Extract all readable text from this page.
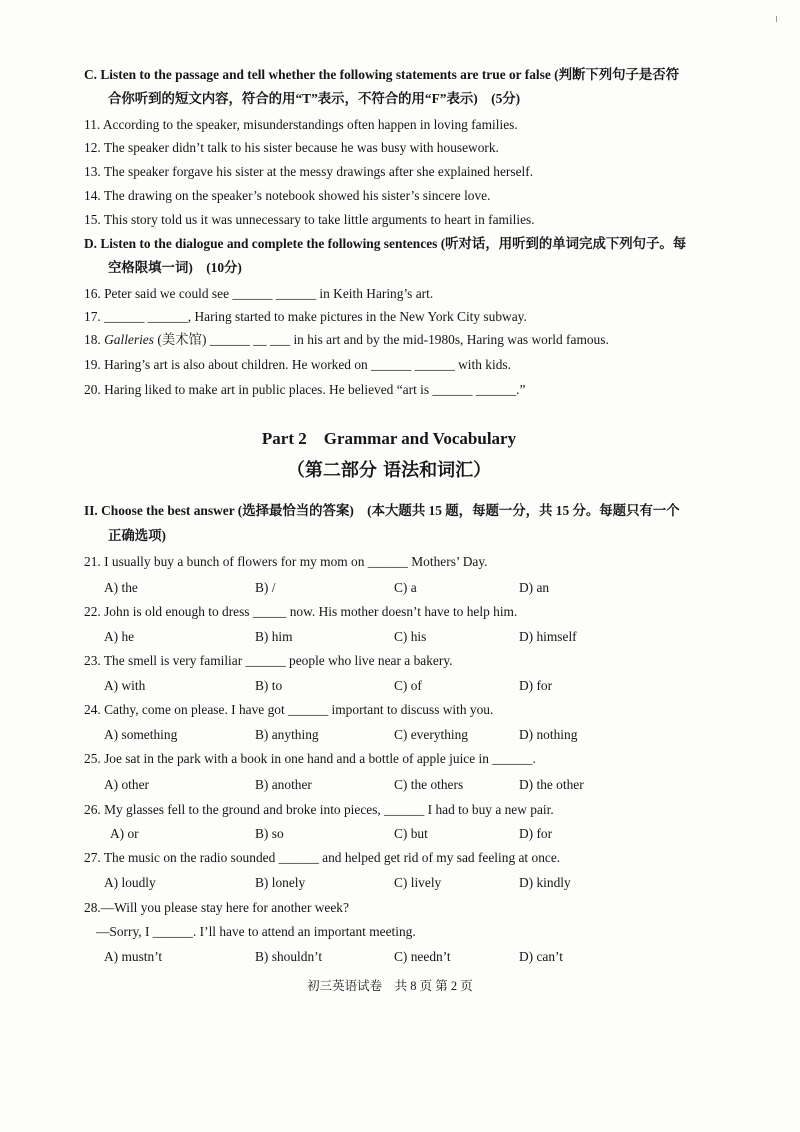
C. Listen to the passage and tell whether the following statements are true or false (判断下列句子是否符
合你听到的短文内容，符合的用“T”表示，不符合的用“F”表示)　(5分)
11. According to the speaker, misunderstandings often happen in loving families.
12. The speaker didn’t talk to his sister because he was busy with housework.
13. The speaker forgave his sister at the messy drawings after she explained herself.
14. The drawing on the speaker’s notebook showed his sister’s sincere love.
15. This story told us it was unnecessary to take little arguments to heart in families.
D. Listen to the dialogue and complete the following sentences (听对话，用听到的单词完成下列句子。每
空格限填一词)　(10分)
16. Peter said we could see ______ ______ in Keith Haring’s art.
17. ______ ______, Haring started to make pictures in the New York City subway.
18. Galleries (美术馆) ______ __ ___ in his art and by the mid-1980s, Haring was world famous.
19. Haring’s art is also about children. He worked on ______ ______ with kids.
20. Haring liked to make art in public places. He believed “art is ______ ______.”
Part 2　Grammar and Vocabulary
（第二部分 语法和词汇）
II. Choose the best answer (选择最恰当的答案)　(本大题共 15 题，每题一分，共 15 分。每题只有一个
正确选项)
21. I usually buy a bunch of flowers for my mom on ______ Mothers’ Day.
A) the	B) /	C) a	D) an
22. John is old enough to dress _____ now. His mother doesn’t have to help him.
A) he	B) him	C) his	D) himself
23. The smell is very familiar ______ people who live near a bakery.
A) with	B) to	C) of	D) for
24. Cathy, come on please. I have got ______ important to discuss with you.
A) something	B) anything	C) everything	D) nothing
25. Joe sat in the park with a book in one hand and a bottle of apple juice in ______.
A) other	B) another	C) the others	D) the other
26. My glasses fell to the ground and broke into pieces, ______ I had to buy a new pair.
A) or	B) so	C) but	D) for
27. The music on the radio sounded ______ and helped get rid of my sad feeling at once.
A) loudly	B) lonely	C) lively	D) kindly
28.—Will you please stay here for another week?
—Sorry, I ______. I’ll have to attend an important meeting.
A) mustn’t	B) shouldn’t	C) needn’t	D) can’t
初三英语试卷　共 8 页 第 2 页
